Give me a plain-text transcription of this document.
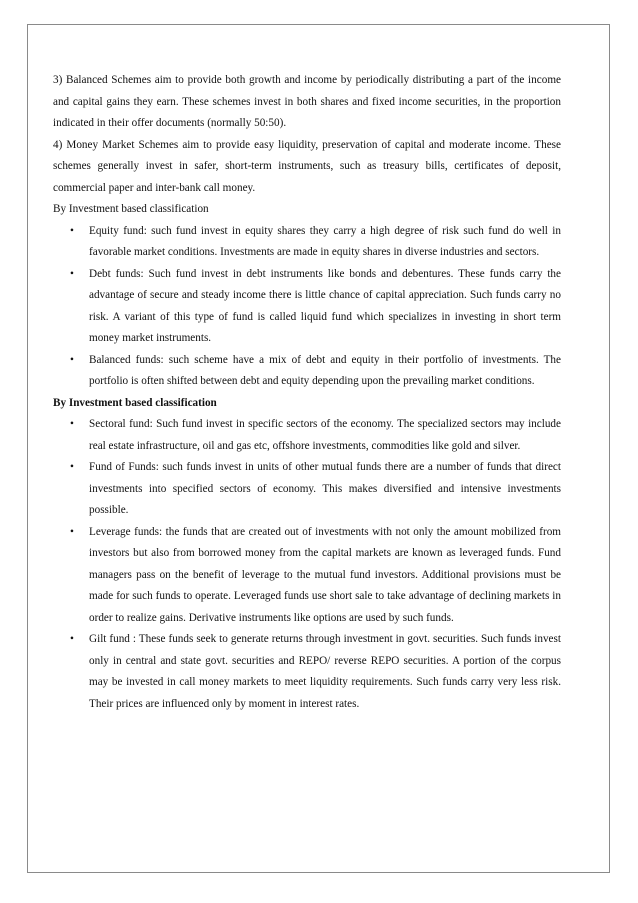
3) Balanced Schemes aim to provide both growth and income by periodically distributing a part of the income and capital gains they earn. These schemes invest in both shares and fixed income securities, in the proportion indicated in their offer documents (normally 50:50).

4) Money Market Schemes aim to provide easy liquidity, preservation of capital and moderate income. These schemes generally invest in safer, short-term instruments, such as treasury bills, certificates of deposit, commercial paper and inter-bank call money.

By Investment based classification

• Equity fund: such fund invest in equity shares they carry a high degree of risk such fund do well in favorable market conditions. Investments are made in equity shares in diverse industries and sectors.
• Debt funds: Such fund invest in debt instruments like bonds and debentures. These funds carry the advantage of secure and steady income there is little chance of capital appreciation. Such funds carry no risk. A variant of this type of fund is called liquid fund which specializes in investing in short term money market instruments.
• Balanced funds: such scheme have a mix of debt and equity in their portfolio of investments. The portfolio is often shifted between debt and equity depending upon the prevailing market conditions.

By Investment based classification

• Sectoral fund: Such fund invest in specific sectors of the economy. The specialized sectors may include real estate infrastructure, oil and gas etc, offshore investments, commodities like gold and silver.
• Fund of Funds: such funds invest in units of other mutual funds there are a number of funds that direct investments into specified sectors of economy. This makes diversified and intensive investments possible.
• Leverage funds: the funds that are created out of investments with not only the amount mobilized from investors but also from borrowed money from the capital markets are known as leveraged funds. Fund managers pass on the benefit of leverage to the mutual fund investors. Additional provisions must be made for such funds to operate. Leveraged funds use short sale to take advantage of declining markets in order to realize gains. Derivative instruments like options are used by such funds.
• Gilt fund : These funds seek to generate returns through investment in govt. securities. Such funds invest only in central and state govt. securities and REPO/ reverse REPO securities. A portion of the corpus may be invested in call money markets to meet liquidity requirements. Such funds carry very less risk. Their prices are influenced only by moment in interest rates.
